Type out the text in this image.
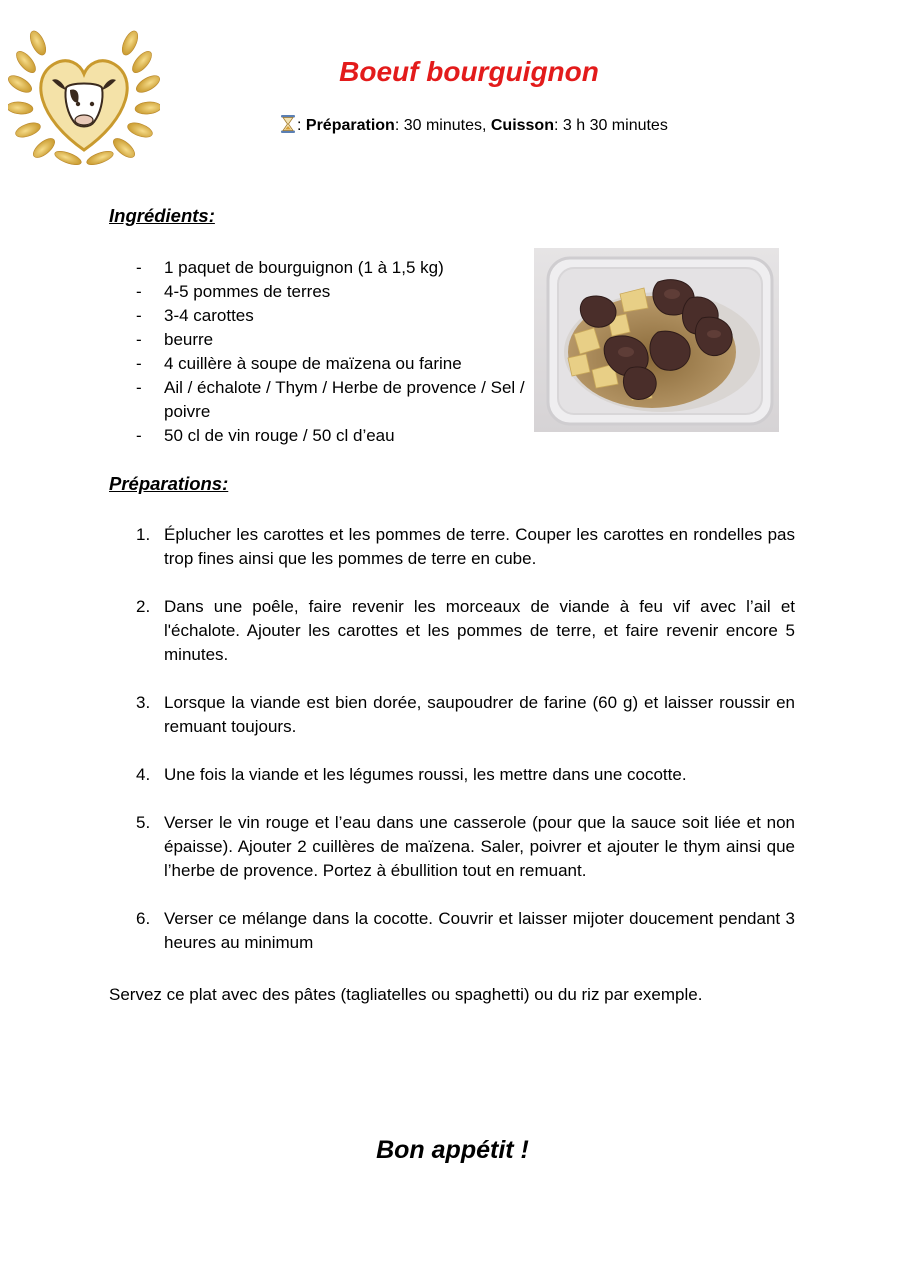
Boeuf bourguignon
: Préparation: 30 minutes, Cuisson: 3 h 30 minutes
Ingrédients:
- 1 paquet de bourguignon (1 à 1,5 kg)
- 4-5 pommes de terres
- 3-4 carottes
- beurre
- 4 cuillère à soupe de maïzena ou farine
- Ail / échalote / Thym / Herbe de provence / Sel / poivre
- 50 cl de vin rouge / 50 cl d’eau
Préparations:
1. Éplucher les carottes et les pommes de terre. Couper les carottes en rondelles pas trop fines ainsi que les pommes de terre en cube.
2. Dans une poêle, faire revenir les morceaux de viande à feu vif avec l’ail et l'échalote. Ajouter les carottes et les pommes de terre, et faire revenir encore 5 minutes.
3. Lorsque la viande est bien dorée, saupoudrer de farine (60 g) et laisser roussir en remuant toujours.
4. Une fois la viande et les légumes roussi, les mettre dans une cocotte.
5. Verser le vin rouge et l’eau dans une casserole (pour que la sauce soit liée et non épaisse). Ajouter 2 cuillères de maïzena. Saler, poivrer et ajouter le thym ainsi que l’herbe de provence. Portez à ébullition tout en remuant.
6. Verser ce mélange dans la cocotte. Couvrir et laisser mijoter doucement pendant 3 heures au minimum

Servez ce plat avec des pâtes (tagliatelles ou spaghetti) ou du riz par exemple.

Bon appétit !
